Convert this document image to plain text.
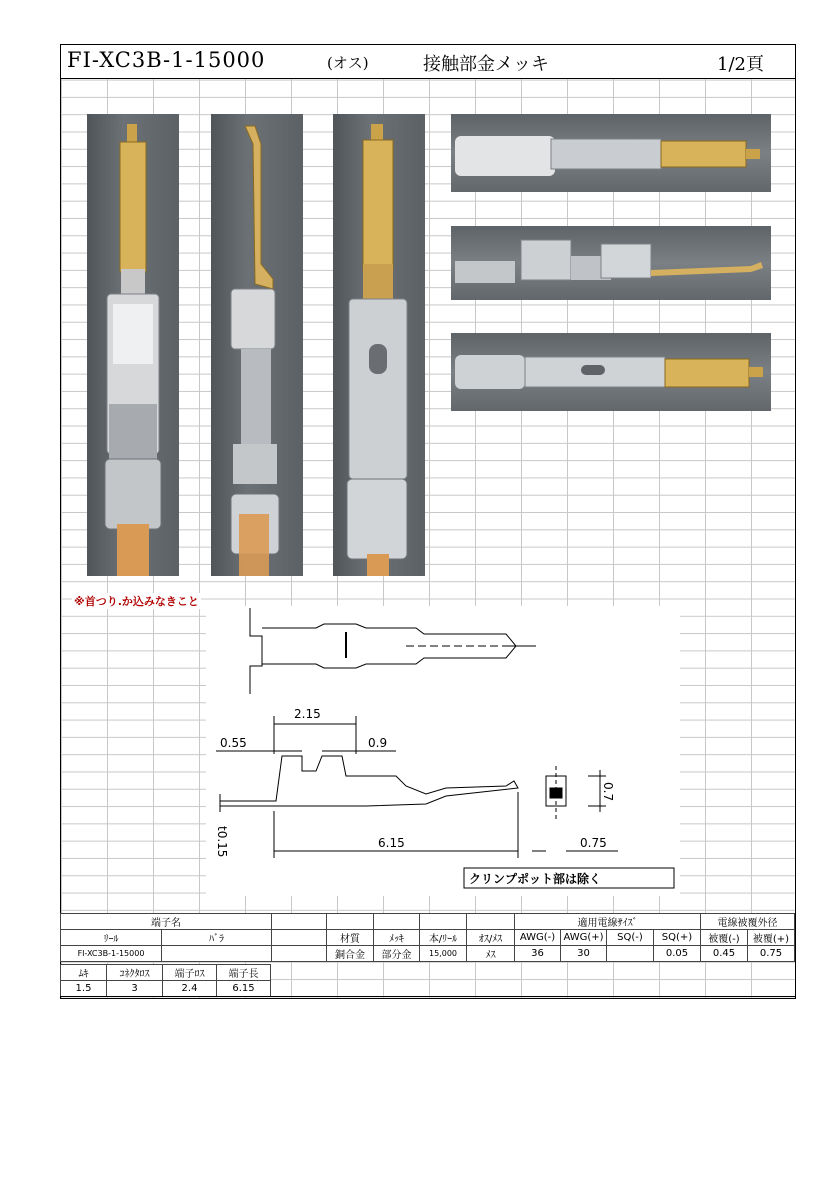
FI-XC3B-1-15000	(オス)	接触部金メッキ	1/2頁
※首つり.か込みなきこと
2.15
0.55	0.9
6.15
t0.15
0.7
0.75
クリンプポット部は除く
端子名							適用電線ｻｲｽﾞ				電線被覆外径	
ﾘｰﾙ	ﾊﾞﾗ		材質	ﾒｯｷ	本/ﾘｰﾙ	ｵｽ/ﾒｽ	AWG(-)	AWG(+)	SQ(-)	SQ(+)	被覆(-)	被覆(+)
FI-XC3B-1-15000			銅合金	部分金	15,000	ﾒｽ	36	30		0.05	0.45	0.75
ﾑｷ	ｺﾈｸﾀﾛｽ	端子ﾛｽ	端子長
1.5	3	2.4	6.15
